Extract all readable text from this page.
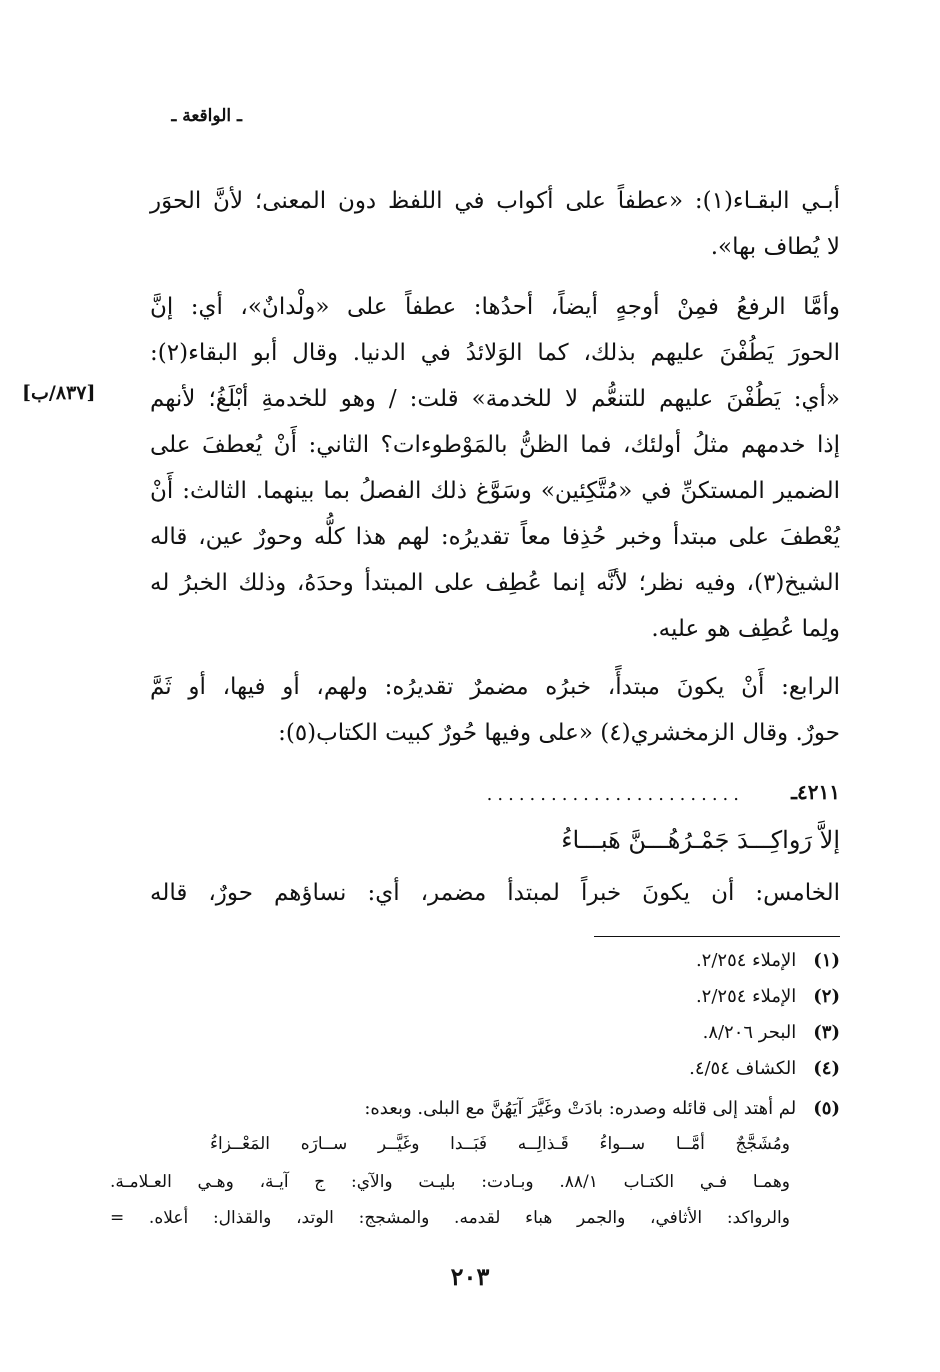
ـ الواقعة ـ
أبـي البقـاء(١): «عطفاً على أكواب في اللفظ دون المعنى؛ لأنَّ الحوَر
لا يُطاف بها».
وأمَّا الرفعُ فمِنْ أوجهٍ أيضاً، أحدُها: عطفاً على «ولْدانٌ»، أي: إنَّ
الحورَ يَطُفْنَ عليهم بذلك، كما الوَلائدُ في الدنيا. وقال أبو البقاء(٢):
«أي: يَطُفْنَ عليهم للتنعُّم لا للخدمة» قلت: / وهو للخدمةِ أبْلَغُ؛ لأنهم
إذا خدمهم مثلُ أولئك، فما الظنُّ بالمَوْطوءات؟ الثاني: أَنْ يُعطفَ على
الضمير المستكنِّ في «مُتَّكِئين» وسَوَّغ ذلك الفصلُ بما بينهما. الثالث: أَنْ
يُعْطفَ على مبتدأ وخبر حُذِفا معاً تقديرُه: لهم هذا كلُّه وحورٌ عين، قاله
الشيخ(٣)، وفيه نظر؛ لأنَّه إنما عُطِف على المبتدأ وحدَهُ، وذلك الخبرُ له
ولِما عُطِف هو عليه.
[٨٣٧/ب]
الرابع: أَنْ يكونَ مبتدأً، خبرُه مضمرٌ تقديرُه: ولهم، أو فيها، أو ثَمَّ
حورٌ. وقال الزمخشري(٤) «على وفيها حُورٌ كبيت الكتاب(٥):
٤٢١١ـ
........................
إلاَّ رَواكِـــدَ جَمْـرُهُـــنَّ هَبـــاءُ
الخامس: أن يكونَ خبراً لمبتدأ مضمر، أي: نساؤهم حورٌ، قاله
(١) الإملاء ٢/٢٥٤.
(٢) الإملاء ٢/٢٥٤.
(٣) البحر ٨/٢٠٦.
(٤) الكشاف ٤/٥٤.
(٥) لم أهتد إلى قائله وصدره: بادَتْ وغَيَّرَ آيَهُنَّ مع البلى. وبعده:
ومُشَجَّجٌ أمَّــا ســواءُ قَـذالِــه فَبَــدا وغَيَّــر ســارَه المَعْــزاءُ
وهمـا فـي الكتـاب ٨٨/١. وبـادت: بليـت والآي: ج آيـة، وهـي العـلامـة.
والرواكد: الأثافي، والجمر هباء لقدمه. والمشجج: الوتد، والقذال: أعلاه. =
٢٠٣
